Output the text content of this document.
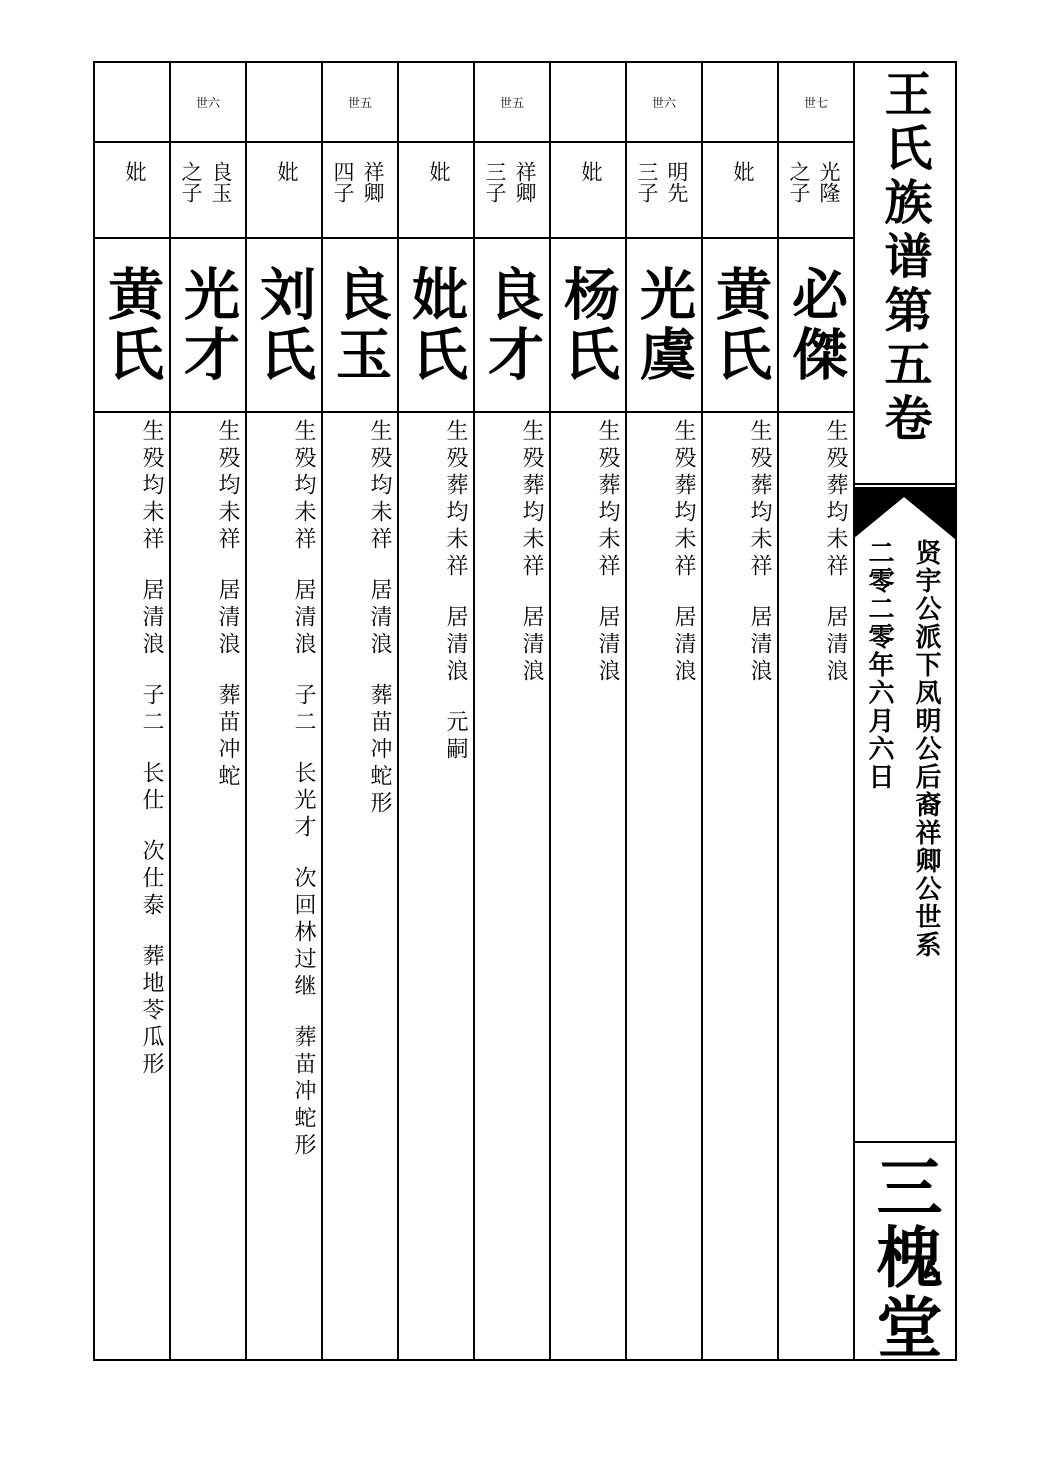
世七
光隆
之子
必傑
生殁葬均未祥  居清浪
妣
黄氏
生殁葬均未祥  居清浪
世六
明先
三子
光虞
生殁葬均未祥  居清浪
妣
杨氏
生殁葬均未祥  居清浪
世五
祥卿
三子
良才
生殁葬均未祥  居清浪
妣
妣氏
生殁葬均未祥  居清浪  元嗣
世五
祥卿
四子
良玉
生殁均未祥  居清浪  葬苗冲蛇形
妣
刘氏
生殁均未祥  居清浪  子二  长光才  次回林过继  葬苗冲蛇形
世六
良玉
之子
光才
生殁均未祥  居清浪  葬苗冲蛇
妣
黄氏
生殁均未祥  居清浪  子二  长仕  次仕泰  葬地苓瓜形
王氏族谱第五卷
贤宇公派下凤明公后裔祥卿公世系
二零二零年六月六日
三槐堂
